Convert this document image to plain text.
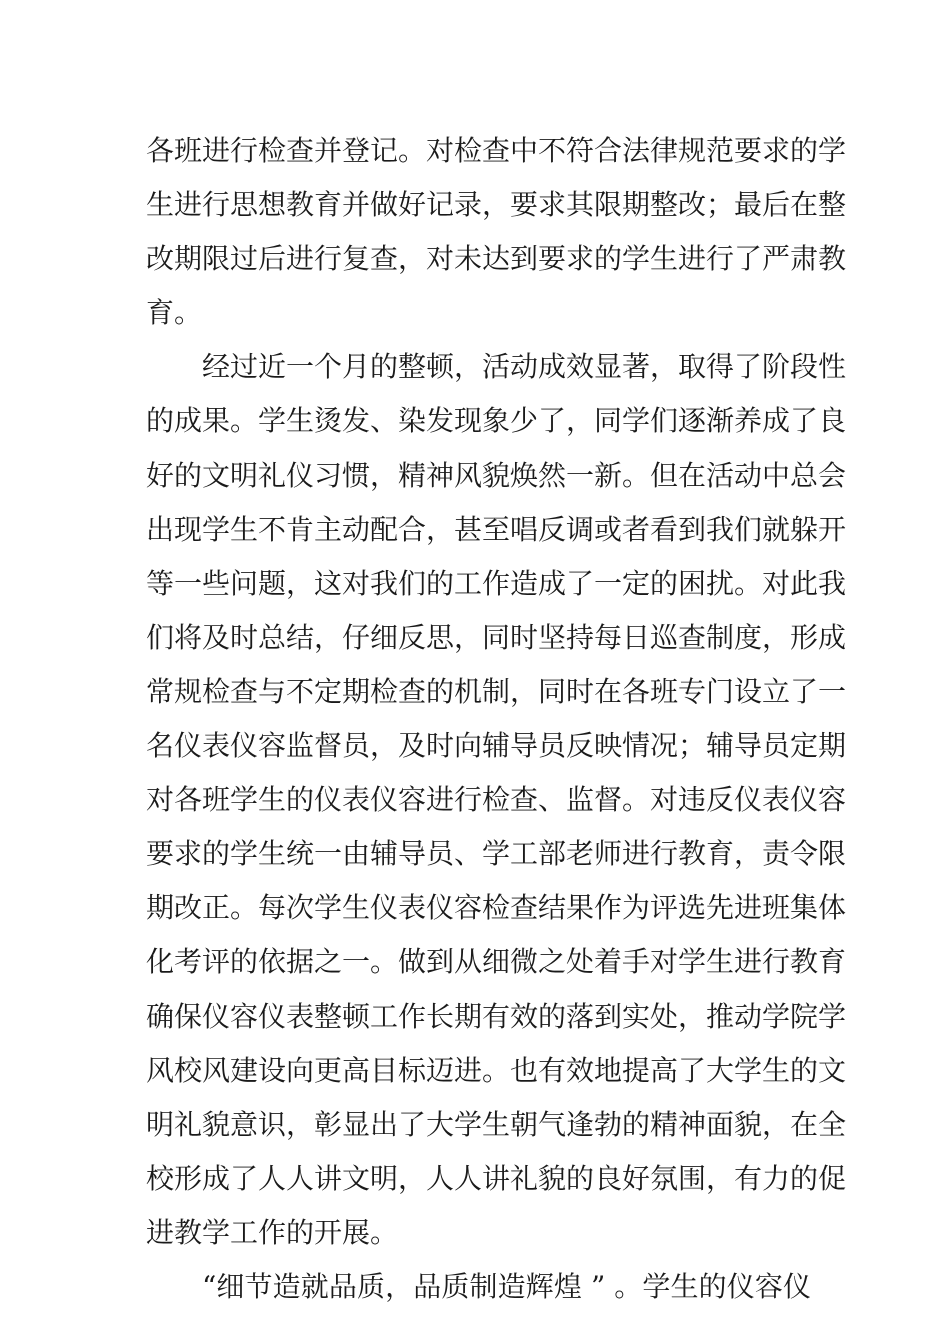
各班进行检查并登记。对检查中不符合法律规范要求的学
生进行思想教育并做好记录，要求其限期整改；最后在整
改期限过后进行复查，对未达到要求的学生进行了严肃教
育。
经过近一个月的整顿，活动成效显著，取得了阶段性
的成果。学生烫发、染发现象少了，同学们逐渐养成了良
好的文明礼仪习惯，精神风貌焕然一新。但在活动中总会
出现学生不肯主动配合，甚至唱反调或者看到我们就躲开
等一些问题，这对我们的工作造成了一定的困扰。对此我
们将及时总结，仔细反思，同时坚持每日巡查制度，形成
常规检查与不定期检查的机制，同时在各班专门设立了一
名仪表仪容监督员，及时向辅导员反映情况；辅导员定期
对各班学生的仪表仪容进行检查、监督。对违反仪表仪容
要求的学生统一由辅导员、学工部老师进行教育，责令限
期改正。每次学生仪表仪容检查结果作为评选先进班集体
化考评的依据之一。做到从细微之处着手对学生进行教育
确保仪容仪表整顿工作长期有效的落到实处，推动学院学
风校风建设向更高目标迈进。也有效地提高了大学生的文
明礼貌意识，彰显出了大学生朝气逢勃的精神面貌，在全
校形成了人人讲文明，人人讲礼貌的良好氛围，有力的促
进教学工作的开展。
“细节造就品质，品质制造辉煌 ” 。学生的仪容仪
